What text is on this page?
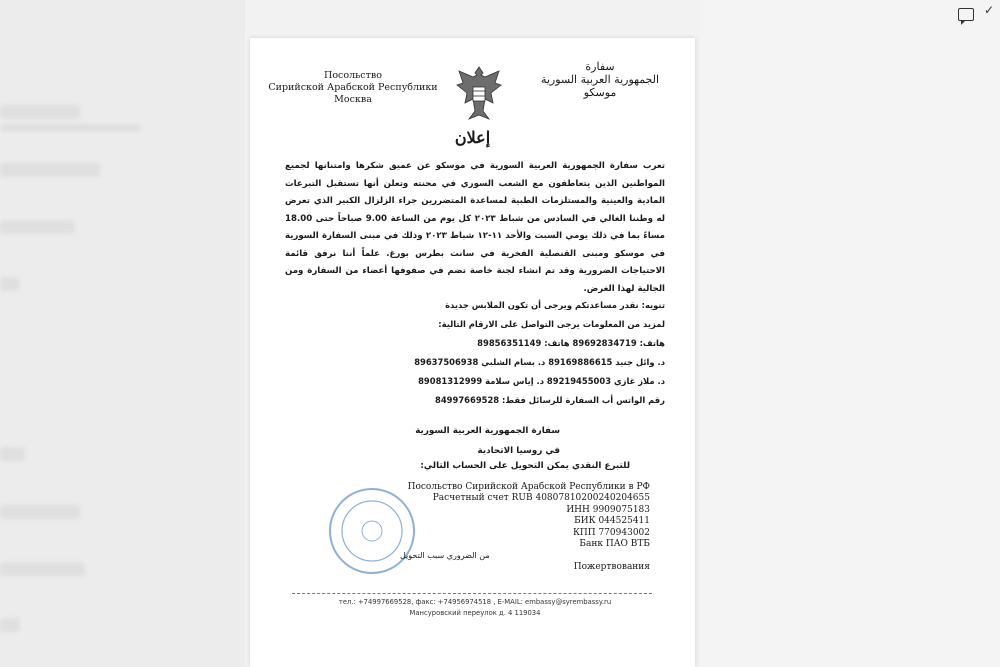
✓
Посольство
Сирийской Арабской Республики
Москва
سفارة
الجمهورية العربية السورية
موسكو
إعلان

تعرب سفارة الجمهورية العربية السورية في موسكو عن عميق شكرها وامتنانها لجميع المواطنين الذين يتعاطفون مع الشعب السوري في محنته وتعلن أنها تستقبل التبرعات المادية والعينية والمستلزمات الطبية لمساعدة المتضررين جراء الزلزال الكبير الذي تعرض له وطننا الغالي في السادس من شباط ٢٠٢٣ كل يوم من الساعة 9.00 صباحاً حتى 18.00 مساءً بما في ذلك يومي السبت والأحد ١١-١٢ شباط ٢٠٢٣ وذلك في مبنى السفارة السورية في موسكو ومبنى القنصلية الفخرية في سانت بطرس بورغ. علماً أننا نرفق قائمة الاحتياجات الضرورية وقد تم انشاء لجنة خاصة تضم في صفوفها أعضاء من السفارة ومن الجالية لهذا الغرض.

تنويه: نقدر مساعدتكم ويرجى أن تكون الملابس جديدة
لمزيد من المعلومات يرجى التواصل على الارقام التالية:
هاتف: 89692834719 هاتف: 89856351149
د. وائل جنيد 89169886615 د. بسام الشلبي 89637506938
د. ملاز غازي 89219455003 د. إياس سلامة 89081312999
رقم الواتس أب السفارة للرسائل فقط: 84997669528
سفارة الجمهورية العربية السورية
في روسيا الاتحادية
للتبرع النقدي يمكن التحويل على الحساب التالي:
Посольство Сирийской Арабской Республики в РФ
Расчетный счет RUB 40807810200240204655
ИНН 9909075183
БИК 044525411
КПП 770943002
Банк ПАО ВТБ
من الضروري سبب التحويل
Пожертвования
тел.: +74997669528, факс: +74956974518 , E-MAIL: embassy@syrembassy.ru
Мансуровский переулок д. 4 119034
